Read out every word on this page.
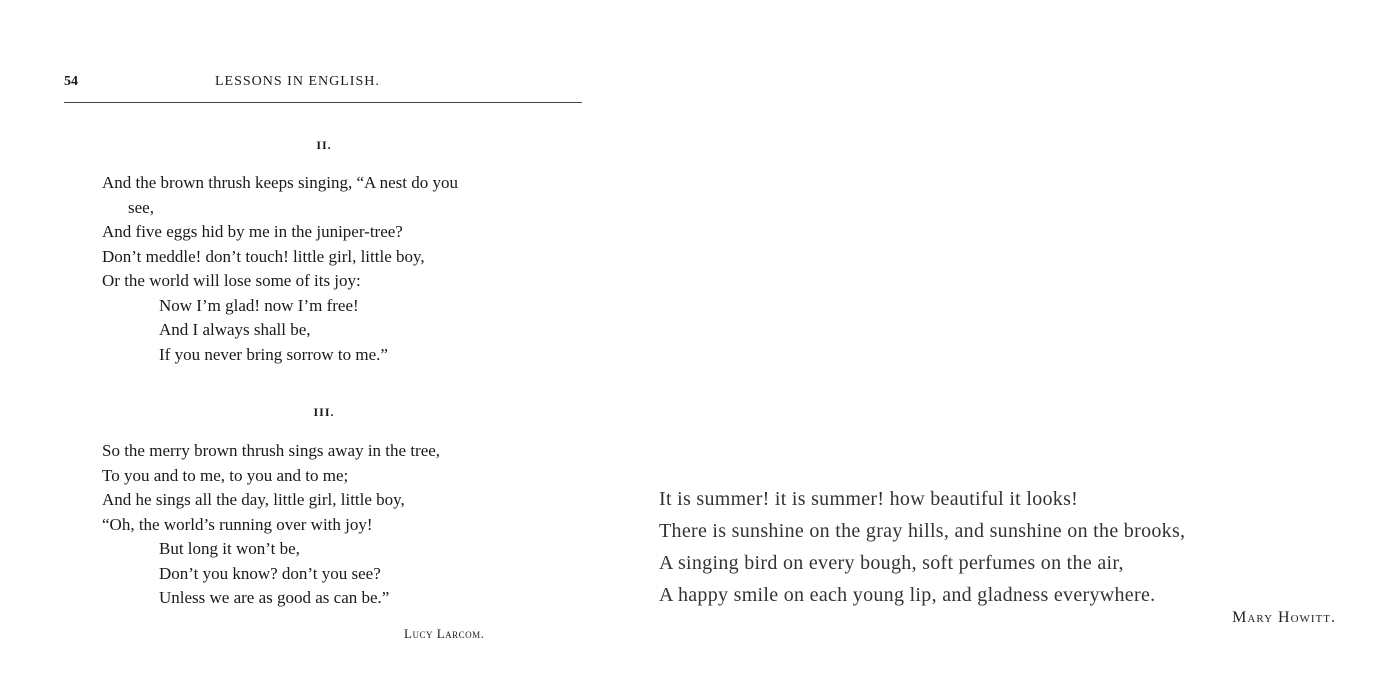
54	LESSONS IN ENGLISH.
II.
And the brown thrush keeps singing, “A nest do you
see,
And five eggs hid by me in the juniper-tree?
Don’t meddle! don’t touch! little girl, little boy,
Or the world will lose some of its joy:
Now I’m glad! now I’m free!
And I always shall be,
If you never bring sorrow to me.”
III.
So the merry brown thrush sings away in the tree,
To you and to me, to you and to me;
And he sings all the day, little girl, little boy,
“Oh, the world’s running over with joy!
But long it won’t be,
Don’t you know? don’t you see?
Unless we are as good as can be.”
Lucy Larcom.
It is summer! it is summer! how beautiful it looks!
There is sunshine on the gray hills, and sunshine on the brooks,
A singing bird on every bough, soft perfumes on the air,
A happy smile on each young lip, and gladness everywhere.
Mary Howitt.
